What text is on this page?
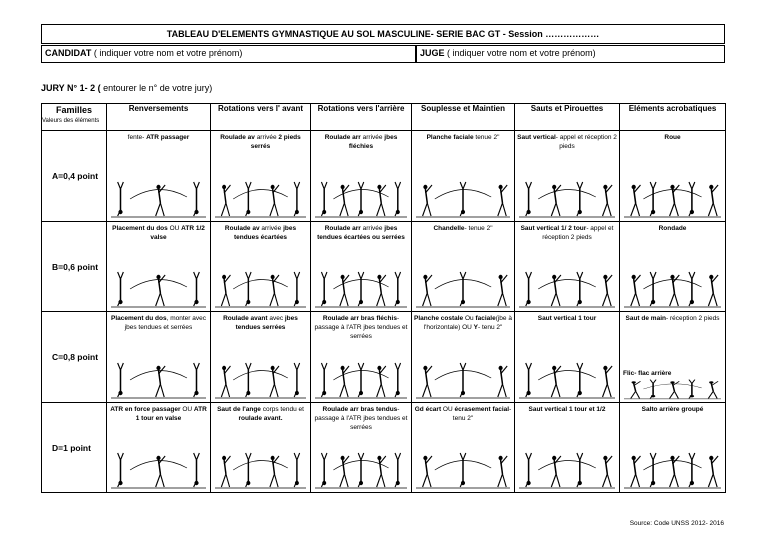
TABLEAU D'ELEMENTS GYMNASTIQUE AU SOL MASCULINE- SERIE BAC GT - Session ………………
CANDIDAT ( indiquer votre nom et votre prénom)	JUGE ( indiquer votre nom et votre prénom)
JURY N° 1- 2 ( entourer le n° de votre jury)
Familles
Valeurs des éléments	Renversements	Rotations vers l' avant	Rotations vers l'arrière	Souplesse et Maintien	Sauts et Pirouettes	Eléments acrobatiques
A=0,4 point	fente- ATR passager	Roulade av arrivée 2 pieds serrés	Roulade arr arrivée jbes fléchies	Planche faciale tenue 2"	Saut vertical- appel et réception 2 pieds	Roue

B=0,6 point	Placement du dos OU ATR 1/2 valse	Roulade av arrivée jbes tendues écartées	Roulade arr arrivée jbes tendues écartées ou serrées	Chandelle- tenue 2"	Saut vertical 1/ 2 tour- appel et réception 2 pieds	Rondade

C=0,8 point	Placement du dos, monter avec jbes tendues et serrées	Roulade avant avec jbes tendues serrées	Roulade arr bras fléchis- passage à l'ATR jbes tendues et serrées	Planche costale Ou faciale(jbe à l'horizontale) OU Y- tenu 2"	Saut vertical 1 tour	Saut de main- réception 2 pieds
Flic- flac arrière

D=1 point	ATR en force passager OU ATR 1 tour en valse	Saut de l'ange corps tendu et roulade avant.	Roulade arr bras tendus- passage à l'ATR jbes tendues et serrées	Gd écart OU écrasement facial- tenu 2"	Saut vertical 1 tour et 1/2	Salto arrière groupé
Source: Code UNSS 2012- 2016
